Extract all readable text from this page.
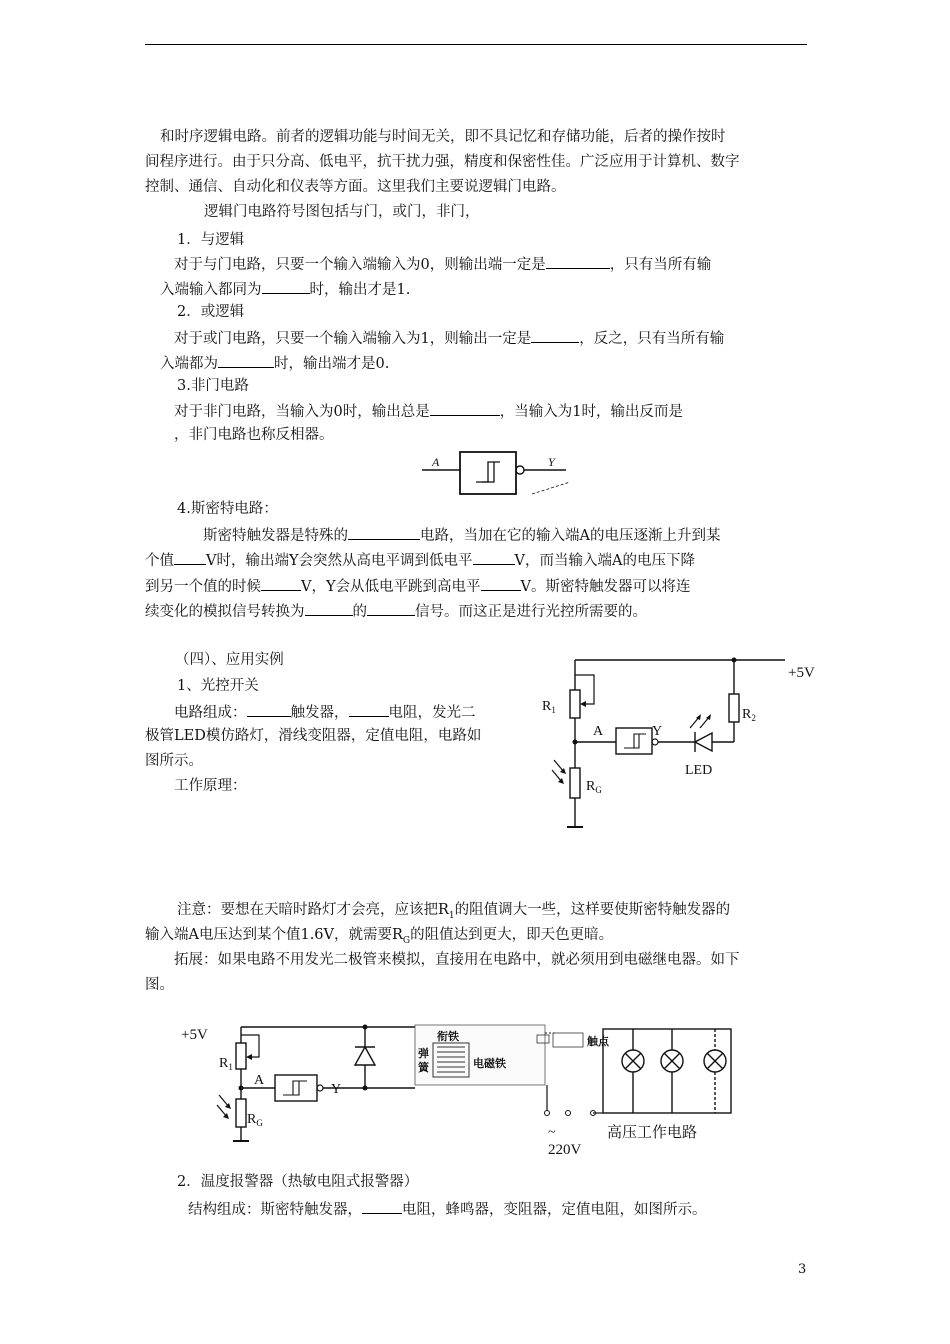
和时序逻辑电路。前者的逻辑功能与时间无关，即不具记忆和存储功能，后者的操作按时
间程序进行。由于只分高、低电平，抗干扰力强，精度和保密性佳。广泛应用于计算机、数字
控制、通信、自动化和仪表等方面。这里我们主要说逻辑门电路。
逻辑门电路符号图包括与门，或门，非门，
1．与逻辑
对于与门电路，只要一个输入端输入为0，则输出端一定是	，只有当所有输
入端输入都同为	时，输出才是1.
2．或逻辑
对于或门电路，只要一个输入端输入为1，则输出一定是	，反之，只有当所有输
入端都为	时，输出端才是0.
3.非门电路
对于非门电路，当输入为0时，输出总是	，当输入为1时，输出反而是
，非门电路也称反相器。
A	Y
4.斯密特电路：
斯密特触发器是特殊的	电路，当加在它的输入端A的电压逐渐上升到某
个值 V时，输出端Y会突然从高电平调到低电平	V，而当输入端A的电压下降
到另一个值的时候	V，Y会从低电平跳到高电平	V。斯密特触发器可以将连
续变化的模拟信号转换为	的	信号。而这正是进行光控所需要的。
（四）、应用实例
1、光控开关
电路组成：	触发器，	电阻，发光二
极管LED模仿路灯，滑线变阻器，定值电阻，电路如
图所示。
工作原理：
+5V
$R_1$
A	Y
LED
$R_2$
$R_G$
注意：要想在天暗时路灯才会亮，应该把$R_1$的阻值调大一些，这样要使斯密特触发器的
输入端A电压达到某个值1.6V，就需要$R_G$的阻值达到更大，即天色更暗。
拓展：如果电路不用发光二极管来模拟，直接用在电路中，就必须用到电磁继电器。如下
图。
+5V
$R_1$
A
Y
$R_G$
衔铁
弹
簧	电磁铁
触点
~
220V
高压工作电路
2．温度报警器（热敏电阻式报警器）
结构组成：斯密特触发器，	电阻，蜂鸣器，变阻器，定值电阻，如图所示。
3
